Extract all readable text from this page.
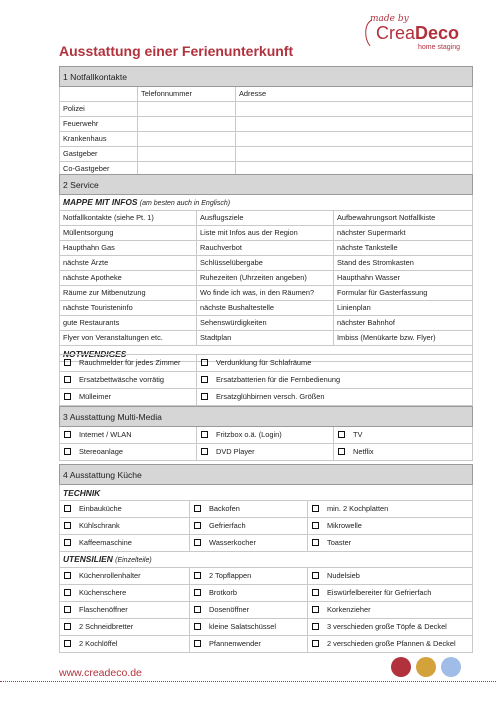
Ausstattung einer Ferienunterkunft
made by
CreaDeco
home staging
1 Notfallkontakte		
	Telefonnummer	Adresse
Polizei		
Feuerwehr		
Krankenhaus		
Gastgeber		
Co-Gastgeber		
2 Service		
MAPPE MIT INFOS (am besten auch in Englisch)		
Notfallkontakte (siehe Pt. 1)	Ausflugsziele	Aufbewahrungsort Notfallkiste
Müllentsorgung	Liste mit Infos aus der Region	nächster Supermarkt
Haupthahn Gas	Rauchverbot	nächste Tankstelle
nächste Ärzte	Schlüsselübergabe	Stand des Stromkasten
nächste Apotheke	Ruhezeiten (Uhrzeiten angeben)	Haupthahn Wasser
Räume zur Mitbenutzung	Wo finde ich was, in den Räumen?	Formular für Gasterfassung
nächste Touristeninfo	nächste Bushaltestelle	Linienplan
gute Restaurants	Sehenswürdigkeiten	nächster Bahnhof
Flyer von Veranstaltungen etc.	Stadtplan	Imbiss (Menükarte bzw. Flyer)
NOTWENDIGES		
Rauchmelder für jedes Zimmer	Verdunklung für Schlafräume
Ersatzbettwäsche vorrätig	Ersatzbatterien für die Fernbedienung
Mülleimer	Ersatzglühbirnen versch. Größen
3 Ausstattung Multi-Media		
Internet / WLAN	Fritzbox o.ä. (Login)	TV
Stereoanlage	DVD Player	Netflix
4 Ausstattung Küche		
TECHNIK		
Einbauküche	Backofen	min. 2 Kochplatten
Kühlschrank	Gefrierfach	Mikrowelle
Kaffeemaschine	Wasserkocher	Toaster
UTENSILIEN (Einzelteile)		
Küchenrollenhalter	2 Topflappen	Nudelsieb
Küchenschere	Brotkorb	Eiswürfelbereiter für Gefrierfach
Flaschenöffner	Dosenöffner	Korkenzieher
2 Schneidbretter	kleine Salatschüssel	3 verschieden große Töpfe & Deckel
2 Kochlöffel	Pfannenwender	2 verschieden große Pfannen & Deckel
www.creadeco.de
